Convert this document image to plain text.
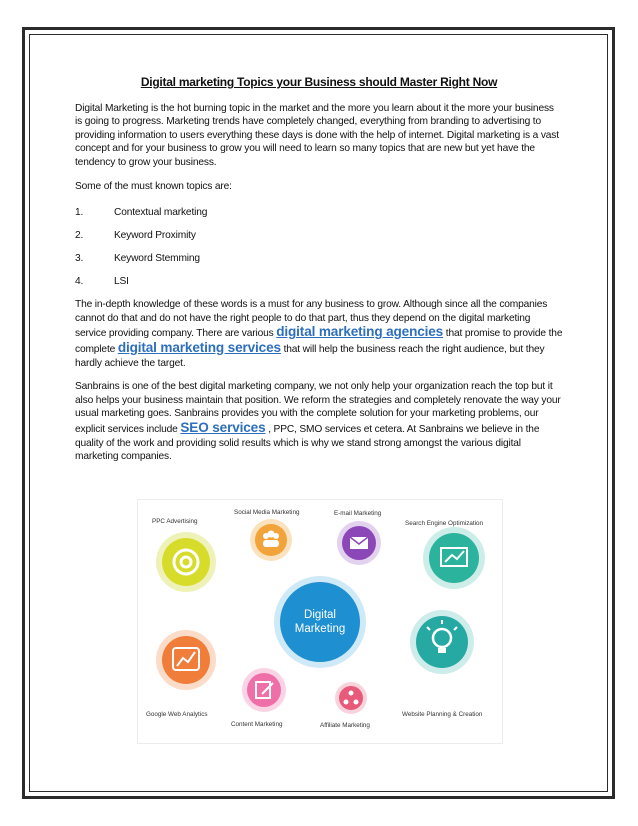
Digital marketing Topics your Business should Master Right Now

Digital Marketing is the hot burning topic in the market and the more you learn about it the more your business is going to progress. Marketing trends have completely changed, everything from branding to advertising to providing information to users everything these days is done with the help of internet. Digital marketing is a vast concept and for your business to grow you will need to learn so many topics that are new but yet have the tendency to grow your business.

Some of the must known topics are:

1.	Contextual marketing
2.	Keyword Proximity
3.	Keyword Stemming
4.	LSI

The in-depth knowledge of these words is a must for any business to grow. Although since all the companies cannot do that and do not have the right people to do that part, thus they depend on the digital marketing service providing company. There are various digital marketing agencies that promise to provide the complete digital marketing services that will help the business reach the right audience, but they hardly achieve the target.

Sanbrains is one of the best digital marketing company, we not only help your organization reach the top but it also helps your business maintain that position. We reform the strategies and completely renovate the way your usual marketing goes. Sanbrains provides you with the complete solution for your marketing problems, our explicit services include SEO services , PPC, SMO services et cetera. At Sanbrains we believe in the quality of the work and providing solid results which is why we stand strong amongst the various digital marketing companies.

Digital
Marketing
PPC Advertising
Social Media Marketing	E-mail Marketing
Search Engine Optimization
Google Web Analytics
Content Marketing	Affiliate Marketing
Website Planning & Creation
